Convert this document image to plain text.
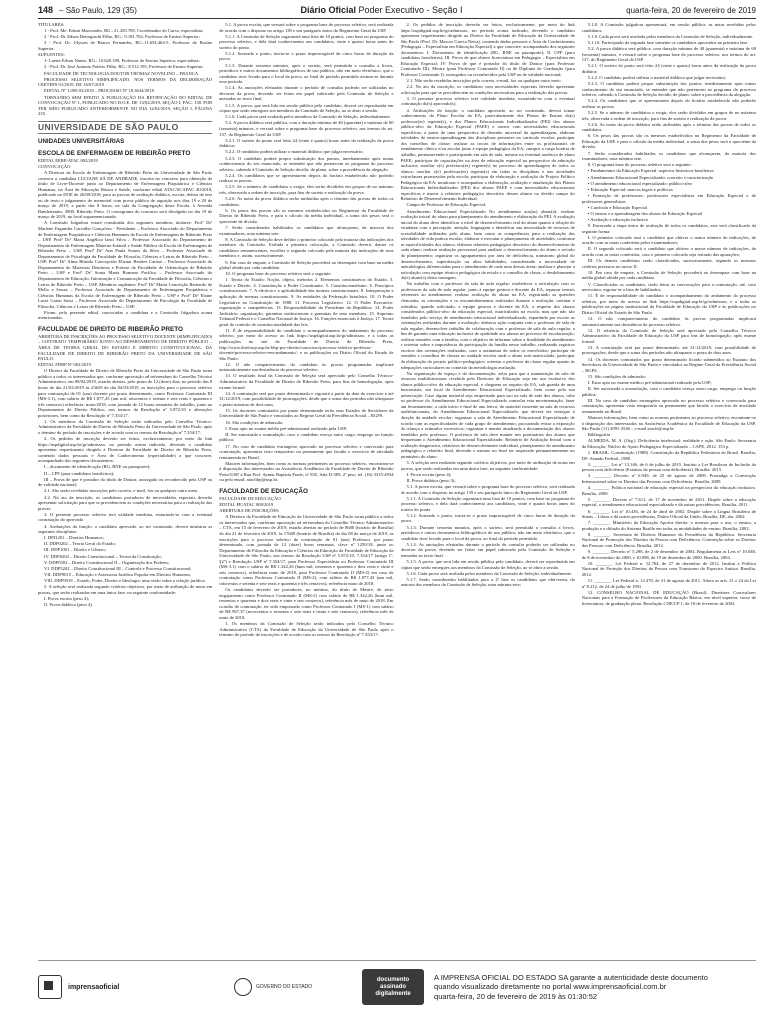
148 – São Paulo, 129 (35)	Diário Oficial Poder Executivo - Seção I	quarta-feira, 20 de fevereiro de 2019

TITULARES:

1 - Prof. Me. Edson Marcondes, RG.: 21.450.769, Coordenador do Curso, especialista;

2 - Prof. Dr. Edson Detregiachi Filho, RG.: 9.181.702, Professor de Ensino Superior;

3 - Prof. Dr. Ulysses de Barros Fernandes, RG.:11.654.464-5, Professor de Ensino Superior.

SUPLENTES:

1- Laerte Edson Nunes, RG.: 10.620.189, Professor de Ensino Superior, especialista;

2 - Prof. Dr. José Antonio Poletto Filho, RG.: 8.512.195, Professor de Ensino Superior.

FACULDADE DE TECNOLOGIA DOUTOR THOMAZ NOVELINO – FRANCA

PROCESSO SELETIVO SIMPLIFICADO, NOS TERMOS DA DELIBERAÇÃO CEETEPS 01/2019, DE 16/07/2019

EDITAL Nº 1.099.03/2018 – PROCESSO Nº 18.3634/2018

TORNANDO SEM EFEITO A PUBLICAÇÃO DA RETIFICAÇÃO DO EDITAL DE CONVOCAÇÃO Nº 1, PUBLICADO NO D.O.E. DE 13/02/2019, SEÇÃO I, PÁG. 138. POR TER SIDO PUBLICADO ANTERIORMENTE NO DIA 12/02/2019, SEÇÃO I, PÁGINA 235.

UNIVERSIDADE DE SÃO PAULO
UNIDADES UNIVERSITÁRIAS
ESCOLA DE ENFERMAGEM DE RIBEIRÃO PRETO

EDITAL EERP/ATAC 002/2019

CONVOCAÇÃO

A Diretora da Escola de Enfermagem de Ribeirão Preto da Universidade de São Paulo convoca a candidata LUCIANE SÁ DE ANDRADE, inscrita no concurso para obtenção do título de Livre-Docente junto ao Departamento de Enfermagem Psiquiátrica e Ciências Humanas, na Área de Educação Básica e Saúde, conforme edital ATAC/SCAPAC 40/2018, publicado no DOE de 26/09/2018, para as provas de avaliação didática, escrita, defesa de tese ou de texto e julgamento do memorial com prova pública de arguição nos dias 19 e 20 de março de 2019, a partir das 8 horas, na sala da Congregação desta Escola, à Avenida Bandeirantes, 3900, Ribeirão Preto. O cronograma do concurso será divulgado no dia 19 de março de 2019, no local supramencionado.

A Comissão Julgadora estará constituída dos seguintes membros titulares: Profª Drª Marlene Fagundes Carvalho Gonçalves - Presidente – Professor Associado do Departamento de Enfermagem Psiquiátrica e Ciências Humanas da Escola de Enfermagem de Ribeirão Preto – USP, Profª Drª Maria Angélica Ianci Silva – Professor Associado do Departamento de Departamento de Enfermagem Materno-Infantil e Saúde Pública da Escola de Enfermagem de Ribeirão Preto – USP, Profª Drª Ana Paula Soares da Silva – Professor Associado do Departamento de Psicologia da Faculdade de Filosofia, Ciências e Letras de Ribeirão Preto – USP, Profª Drª Alma Blásida Concepción Elizaur Benitez Catirse – Professor Associado do Departamento de Materiais Dentários e Prótese da Faculdade de Odontologia de Ribeirão Preto – USP e Profª Drª Sonia Maria Romano Pacífico – Professor Associado do Departamento de Educação, Informação e Comunicação da Faculdade de Filosofia, Ciências e Letras de Ribeirão Preto – USP. Membros suplentes: Profª Drª Maria Conceição Bernardo de Mello e Souza – Professor Associado do Departamento de Enfermagem Psiquiátrica e Ciências Humanas da Escola de Enfermagem de Ribeirão Preto – USP e Profª Drª Elaine Lucia Gaion Sassi – Professor Associado do Departamento de Psicologia da Faculdade de Filosofia, Ciências e Letras de Ribeirão Preto – USP.

Ficam, pelo presente edital, convocadas a candidata e a Comissão Julgadora acima mencionadas.

FACULDADE DE DIREITO DE RIBEIRÃO PRETO

ABERTURA DE INSCRIÇÕES AO PROCESSO SELETIVO DOCENTE (SIMPLIFICADO) – CONTRATO TEMPORÁRIO JUNTO AO DEPARTAMENTO DE DIREITO PÚBLICO – ÁREA DE TEORIA GERAL DO ESTADO E DIREITO CONSTITUCIONAL, DA FACULDADE DE DIREITO DE RIBEIRÃO PRETO DA UNIVERSIDADE DE SÃO PAULO.

EDITAL FDRP Nº 002/2019

O Diretor da Faculdade de Direito de Ribeirão Preto da Universidade de São Paulo torna público a todos os interessados que, conforme aprovação ad referendum do Conselho Técnico Administrativo, em 08/02/2019, estarão abertas, pelo prazo de 12 (doze) dias, no período das 8 horas do dia 21/02/2019 às 23h59 do dia 04/03/2019, as inscrições para o processo seletivo para contratação de 01 (um) docente por prazo determinado, como Professor Contratado III (MS-3.1), com salário de R$ 1.877,43 (um mil, oitocentos e setenta e sete reais e quarenta e três centavos) referência: maio/2018, com jornada de 12 horas semanais de trabalho, junto ao Departamento de Direito Público, nos termos da Resolução nº 5.872/10 e alterações posteriores, bem como da Resolução nº 7.354/17.

1. Os membros da Comissão de Seleção serão indicados pelo Conselho Técnico-Administrativo da Faculdade de Direito de Ribeirão Preto da Universidade de São Paulo, após o término do período de inscrições e de acordo com os termos da Resolução nº 7.354/17.

2. Os pedidos de inscrição deverão ser feitos, exclusivamente, por meio do link https://uspdigital.usp.br/gr/admissao, no período acima indicado, devendo o candidato apresentar requerimento dirigido à Diretora da Faculdade de Direito de Ribeirão Preto, contendo dados pessoais e Área de Conhecimento (especialidade) a que concorre, acompanhado dos seguintes documentos:

I – documento de identificação (RG, RNE ou passaporte);

II – CPF (para candidatos brasileiros);

III – Prova de que é portador do título de Doutor, outorgado ou reconhecido pela USP ou de validade nacional;

2.1. São serão recebidas inscrições pelo correio, e-mail, fax ou qualquer outro meio.

2.2. No ato da inscrição, os candidatos portadores de necessidades especiais deverão apresentar solicitação para que se providenciem as condições necessárias para a realização das provas.

3. O presente processo seletivo terá validade imediata, exaurindo-se com a eventual contratação do aprovado.

4. Atribuições da função: o candidato aprovado, ao ser contratado, deverá ministrar as seguintes disciplinas:

I. DPI1201 – Direitos Humanos;

II. DDP0202 – Teoria Geral do Estado;

III. DDP1001 – Direito e Gênero;

IV. DDP0202 – Direito Constitucional – Teoria da Constituição;

V. DDP0302 – Direito Constitucional II – Organização dos Poderes;

VI. DDP5202 – Direito Constitucional III – Controle e Processo Constitucional;

VII. DDP9015 – Educação e Assessoria Jurídica Popular em Direitos Humanos;

VIII. DDP9019 – Estado, Poder, Direito e Ideologia: uma visão sobre a relação jurídica.

5. A seleção será realizada segundo critérios objetivos, por meio de atribuição de notas em provas, que serão realizadas em uma única fase, na seguinte conformidade:

I. Prova escrita (peso 4);

II. Prova didática (peso 4).

5.1. A prova escrita, que versará sobre o programa base do processo seletivo, será realizada de acordo com o disposto no artigo 139 e seu parágrafo único do Regimento Geral da USP.

5.1.1. A Comissão de Seleção organizará uma lista de 10 pontos, com base no programa do processo seletivo, e dela dará conhecimento aos candidatos, vinte e quatro horas antes do sorteio do ponto.

5.1.2. Sorteado o ponto, inicia-se o prazo improrrogável de cinco horas de duração da prova.

5.1.3. Durante sessenta minutos, após o sorteio, será permitida a consulta a livros, periódicos e outros documentos bibliográficos de uso público, não em meio eletrônico, que o candidato tiver levado para o local da prova, ao final do período permitido assinar-se durante esse período.

5.1.4. As anotações efetuadas durante o período de consulta poderão ser utilizadas no decorrer da prova, devendo ser feitas em papel rubricado pela Comissão de Seleção e anexadas ao texto final.

5.1.5. A prova, que será lida em sessão pública pelo candidato, deverá ser reproduzida em cópias que serão entregues aos membros da Comissão de Seleção, ao se abrir a sessão.

5.1.6. Cada prova será avaliada pelos membros da Comissão de Seleção, individualmente.

5.2. A prova didática será pública, com a duração mínima de 40 (quarenta) e máxima de 60 (sessenta) minutos, e versará sobre o programa base do processo seletivo, nos termos do art. 137, do Regimento Geral da USP.

5.2.1. O sorteio do ponto será feito 24 (vinte e quatro) horas antes da realização da prova didática;

5.2.2. O candidato poderá utilizar o material didático que julgar necessário;

5.2.3. O candidato poderá propor substituição dos pontos, imediatamente após tomar conhecimento do seu enunciado, se entender que não pertencem ao programa do processo seletivo, cabendo à Comissão de Seleção decidir, de plano, sobre a procedência da alegação.

5.2.4. Os candidatos que se apresentarem depois do horário estabelecido não poderão realizar as provas.

5.2.5. Se o número de candidatos o exigir, eles serão divididos em grupos de no máximo três, observada a ordem de inscrição, para fins de sorteio e realização da prova.

5.2.6. As notas da prova didática serão atribuídas após o término das provas de todos os candidatos.

6. Os pesos das provas são os mesmos estabelecidos no Regimento da Faculdade de Direito de Ribeirão Preto, e para o cálculo da média individual, a soma dos pesos será o quociente da divisão.

7. Serão considerados habilitados os candidatos que alcançarem, da maioria dos examinadores, nota mínima sete.

8. A Comissão de Seleção deve definir o primeiro colocado pela maioria das indicações dos membros da Comissão. Exibida a primeira colocação, a Comissão deverá, dentre os candidatos remanescentes, escolher o segundo colocado pela maioria das indicações de seus membros e, assim, sucessivamente.

9. Em caso de empate, a Comissão de Seleção procederá ao desempate com base na média global obtida por cada candidato.

10. O programa base do processo seletivo será o seguinte:

1. Teoria do Estado: Noção, objeto, métodos 2. Elementos constitutivos do Estado. 3. Estado e Direito. 4. Constituição e Poder Constituinte. 5. Constitucionalismo. 6. Princípios constitucionais. 7. A eficácia e a aplicabilidade das normas constitucionais. 8. Interpretação e aplicação de normas constitucionais. 9. As entidades da Federação brasileira. 10. O Poder Legislativo na Constituição de 1988. 11. Processo Legislativo. 12. O Poder Executivo: organização e competências. 13. Responsabilidade do Presidente da República. 14. Poder Judiciário: organização, garantias institucionais e garantias de seus membros. 15. Supremo Tribunal Federal e o Conselho Nacional de Justiça. 16. Funções essenciais à Justiça. 17. Teoria geral do controle de constitucionalidade das leis.

11. É de responsabilidade do candidato o acompanhamento do andamento do processo seletivo, por meio do acesso ao link https://uspdigital.usp.br/gr/admissao, e a todas as publicações no site da Faculdade de Direito de Ribeirão Preto, http://www.direitorp.usp.br/fdrp-por-direito/concursos/processo-seletivo-professor-docente/processo-seletivo-em-andamento/, e as publicações no Diário Oficial do Estado de São Paulo.

12. O não comparecimento do candidato às provas programadas implicará automaticamente sua desistência do processo seletivo.

13. O resultado final da Comissão de Seleção será apreciado pelo Conselho Técnico-Administrativo da Faculdade de Direito de Ribeirão Preto, para fins de homologação, após exame formal.

14. A contratação será por prazo determinado e vigorará a partir da data do exercício e até 31/12/2019, com possibilidade de prorrogações, desde que a soma dos períodos não ultrapasse o prazo máximo de dois anos.

15. Os docentes contratados por prazo determinado terão seus Estados de Servidores da Universidade de São Paulo e vinculados ao Regime Geral da Previdência Social – RGPS.

16. São condições de admissão:

I. Estar apto no exame médio pré-admissional realizado pela USP;

II. Ser autorizada a acumulação, caso o candidato exerça outro cargo, emprego ou função pública;

17. No caso de candidato estrangeiro aprovado no processo seletivo e convocado para contratação, apresentar visto temporário ou permanente que faculte o exercício de atividade remunerada no Brasil.

Maiores informações, bem como as normas pertinentes ao processo seletivo, encontram-se à disposição dos interessados na Assistência Acadêmica da Faculdade de Direito de Ribeirão Preto/USP, à Rua Prof. Aymar Baptista Prado, nº 835, Sala D-309, 2º piso, tel. (16) 3315-4934 ou pelo email: atacfdrp@usp.br.

FACULDADE DE EDUCAÇÃO

FACULDADE DE EDUCAÇÃO

EDITAL FE/ATAC 008/2019

ABERTURA DE INSCRIÇÕES

A Diretora da Faculdade de Educação da Universidade de São Paulo torna pública a todos os interessados que, conforme aprovação ad referendum do Conselho Técnico Administrativo – CTA, em 15 de fevereiro de 2019, estarão abertas no período de 8h00 (horário de Brasília) do dia 21 de fevereiro de 2019, às 17h00 (horário de Brasília) do dia 08 de março de 2019, as inscrições para o processo seletivo de contratação de 01 (um) Professor, por prazo determinado, com jornada de 12 (doze) horas semanais, clave nº 1250/18, junto ao Departamento de Filosofia da Educação e Ciências da Educação da Faculdade de Educação da Universidade de São Paulo, nos termos da Resolução USP nº 5.872/10, 7.354/17 (artigo 1º, §2º) e Resolução USP nº 7.354/17, para Professor Especialista ou Professor Contratado III (MS-3.1) com o salário de R$ 1.342,26 (hum mil, trezentos e quarenta e dois reais e vinte e seis centavos), referência maio de 2018, para Professor Contratado II (MS-2) em caso de contratação como Professor Contratado II (MS-2), com salário de R$ 1.877,43 (um mil, oitocentos e setenta e sete reais e quarenta e três centavos), referência maio de 2018.

Os candidatos deverão ser portadores, no mínimo, do título de Mestre, de sério engajamento como Professor Contratado II (MS-2) com salário de R$ 1.342,26 (hum mil, trezentos e quarenta e dois reais e vinte e seis centavos), referência mês de maio de 2018. Em ocasião de contratação, ter sido empossado como Professor Contratado I (MS-1) com salário de R$ 967,37 (novecentos e sessenta e sete reais e trinta e sete centavos), referência mês de maio de 2018.

1. Os membros da Comissão de Seleção serão indicados pelo Conselho Técnico Administrativo (CTA) da Faculdade de Educação da Universidade de São Paulo após o término do período de inscrições e de acordo com os termos da Resolução nº 7.354/17.

2. Os pedidos de inscrição deverão ser feitos, exclusivamente, por meio do link https://uspdigital.usp.br/gr/admissao, no período acima indicado, devendo o candidato apresentar requerimento dirigido ao Diretor da Faculdade de Educação da Universidade de São Paulo (Prof. Dr. Marcos Garcia Neira), contendo dados pessoais e Área de Conhecimento (Pedagogia – Especialista em Educação Especial) a que concorre, acompanhado dos seguintes documentos: I. Documento de identificação (RG, RNE ou passaporte); II. CPF (para candidatos brasileiros); III. Prova de que obteve licenciatura em Pedagogia – Especialista em Educação Especial; IV. Prova de que é portador do título de Doutor (para Professor Contratado III), Mestre (para Professor Contratado II) ou de Diploma de Graduação (para Professor Contratado I), outorgados ou reconhecidos pela USP ou de validade nacional;

2.1. Não serão recebidas inscrições pelo correio, e-mail, fax ou qualquer outro meio.

2.2. No ato da inscrição, os candidatos com necessidades especiais deverão apresentar solicitação para que se providenciem as condições necessárias para a realização das provas.

3. O presente processo seletivo terá validade imediata, exaurindo-se com a eventual contratação do(s) aprovado(s).

4. Atribuições da função: o candidato aprovado, ao ser contratado, deverá tomar conhecimento do Plano Escolar da EA, particularmente dos Planos de Ensino do(s) professor(es) regente(s), e dos Planos Educacionais Individualizados (PEI) dos alunos público-alvo da Educação Especial (PAEE) e outros com necessidades educacionais específicas; a partir de uma perspectiva de desenho universal da aprendizagem, elaborar atividades de ensino-aprendizagem das disciplinas presentes no currículo escolar; participar dos conselhos de classe; realizar as trocas de informações entre os profissionais de atendimento clínico e/ou escolar junto à equipe pedagógica da EA; cumprir a carga horária de trabalho, permanecendo e participando em sala de aula, mesmo na eventual ausência de aluno PAEE; participar de capacitações na área de educação especial na perspectiva da educação inclusiva; auxiliar o(s) professor(es) regente(s) no processo de aprendizagem de todos os alunos; auxiliar o(s) professor(es) regente(s) em todas as disciplinas e nas atividades extraclasses promovidas pela escola; participar da elaboração e avaliação do Projeto Político Pedagógico da EA; monitorar e acompanhar a elaboração, avaliação e atualização dos Planos Educacionais Individualizados (PEI) dos alunos PAEE e com necessidades educacionais específicas e inserir o relatório pedagógico descritivo desses alunos no devido campo do Relatório de Desenvolvimento Individual.

Campo de Professor de Educação Especial:

Atendimento Educacional Especializado No atendimento aos(as) aluno(a): realizar avaliação inicial do aluno para planejamento do atendimento e elaboração do PEI. A avaliação inicial do aluno deve identificar o nível de desenvolvimento real do aluno quanto à relação do estudante com a percepção, atenção, linguagem e identificar sua necessidade de recursos de acessibilidade utilizados pelo aluno, bem como as competências para a realização das atividades de vida prática escolar; elaborar e executar o planejamento de atividades, conforme as especificidades dos alunos; elaborar relatório pedagógico descritivo do desenvolvimento de cada aluno; realizar avaliação processual para analisar o desenvolvimento do aluno e revisão do planejamento; organizar os agrupamentos por área de deficiência, transtorno global do desenvolvimento, superdotação ou altas habilidades, considerando a necessidade de metodologias diferenciadas para o atendimento de cada uma dessas áreas; analisar e planejar a articulação com equipe técnico pedagógica da escola e o conselho de classe, o desdobramento do(s) aluno(s) desta vantagem.

No trabalho com o professor da sala de aula regular: estabelecer a articulação com os professores da sala de aula regular, junto à equipe gestora e docente da EA, repassar termos referentes ao atendimento; realizar avaliação do aluno na EA, registrando as questões elencadas, as orientações e os encaminhamentos realizados durante a avaliação; orientar e subsidiar, quando solicitado, a equipe gestora e docente da EA, a respeito dos alunos considerados público-alvo da educação especial, matriculados na escola, mas que não são atendidos pelo serviço de atendimento educacional individualizado, espartindo por escrito as orientações realizadas durante a avaliação; elaborar ação conjunta com o professor de sala de aula regular; desenvolver trabalho de colaboração com o professor de sala de aula regular, a fim de garantir uma educação inclusiva de qualidade aos alunos no processo de escolarização; realizar reuniões com a família, com o objetivo de informar sobre a finalidade do atendimento e orientar sobre a importância da participação da família nesse trabalho, realizando registros escritos das orientações realizadas, com a assinatura de todos os envolvidos; participar de reuniões e conselhos de classes no unidade escolar onde o aluno está matriculado, participar da elaboração do projeto político-pedagógico; orientar o professor da classe regular quanto às adequações curriculares no contexto da metodologia avaliação.

Na organização do espaço e da documentação: zelar para que a manutenção da sala de recursos multifuncionais recebida pela Diretoria de Educação seja em uso exclusivo dos alunos público-alvo da educação especial, e cheguem ao arquivo da EA, sob guarda de uma funcionária, em local do Atendimento Educacional Especializado, bem como pela sua preservação. Caso algum material seja emprestado para uso na sala de aula dos alunos, cabe ao professor do Atendimento Educacional Especializado controlar esta movimentação, fazer um levantamento, a cada início e final de ano letivo, do material existente na sala de recursos multifuncionais, do Atendimento Educacional Especializado, que deverá ser entregue à direção da unidade escolar; organizar a sala de Atendimento Educacional Especializado de acordo com as especificidades de cada grupo de atendimento, procurando evitar a exposição da criança a estímulos excessivos; organizar e manter atualizada a documentação dos alunos atendidos pelo professor. O professor de sala deve manter nos prontuários dos alunos que frequentam o Atendimento Educacional Especializado: Relatório de Avaliação Inicial com a avaliação diagnóstica, relatórios de desenvolvimento individual, planejamento do atendimento pedagógico e relatório final, devendo o mesmo no final ser arquivado permanentemente no prontuário do aluno.

5. A seleção será realizada segundo critérios objetivos, por meio de atribuição de notas em provas, que serão realizadas em uma única fase, na seguinte conformidade:

I. Prova escrita (peso 4);

II. Prova didática (peso 3);

5.1. A prova escrita, que versará sobre o programa base do processo seletivo, será realizada de acordo com o disposto no artigo 139 e seu parágrafo único do Regimento Geral da USP.

5.1.1. A Comissão de Seleção organizará uma lista de 10 pontos, com base no programa do processo seletivo, e dela dará conhecimento aos candidatos, vinte e quatro horas antes do sorteio do ponto.

5.1.2. Sorteado o ponto, inicia-se o prazo improrrogável de cinco horas de duração da prova.

5.1.3. Durante sessenta minutos, após o sorteio, será permitida a consulta a livros, periódicos e outros documentos bibliográficos de uso público, não em meio eletrônico, que o candidato tiver levado para o local da prova, ao final do período permitido.

5.1.4. As anotações efetuadas durante o período de consulta poderão ser utilizadas no decorrer da prova, devendo ser feitas em papel rubricado pela Comissão de Seleção e anexadas ao texto final.

5.1.5. A prova, que será lida em sessão pública pelo candidato, deverá ser reproduzida em cópias que serão entregues aos membros da Comissão de Seleção, ao se abrir a sessão.

5.1.6. Cada prova será avaliada pelos membros da Comissão de Seleção, individualmente.

5.1.7. Serão considerados habilitados para a 2ª fase os candidatos que obtiverem, da maioria dos membros da Comissão de Seleção, nota mínima sete;

5.1.8. A Comissão julgadora apresentará, em sessão pública, as notas recebidas pelos candidatos.

5.1.9. Cada prova será avaliada pelos membros da Comissão de Seleção, individualmente.

5.1.10. Participarão da segunda fase somente os candidatos aprovados na primeira fase.

5.2. A prova didática será pública, com duração mínima de 40 (quarenta) e máxima de 60 (sessenta) minutos, e versará sobre o programa base do processo seletivo, nos termos do art. 137, do Regimento Geral da USP.

5.2.1. O sorteio do ponto será feito 24 (vinte e quatro) horas antes da realização da prova didática;

5.2.2. O candidato poderá utilizar o material didático que julgar necessário;

5.2.3. O candidato poderá propor substituição dos pontos, imediatamente após tomar conhecimento do seu enunciado, se entender que não pertencem ao programa do processo seletivo, cabendo à Comissão de Seleção decidir, de plano, sobre a procedência da alegação.

5.2.4. Os candidatos que se apresentarem depois do horário estabelecido não poderão realizar as provas.

5.2.5. Se o número de candidatos o exigir, eles serão divididos em grupos de no máximo três, observada a ordem de inscrição, para fins de sorteio e realização da prova.

5.2.6. As notas da prova didática serão atribuídas após o término das provas de todos os candidatos.

6. Os pesos das provas são os mesmos estabelecidos no Regimento da Faculdade de Educação da USP, e para o cálculo da média individual, a soma dos pesos será o quociente da divisão.

7. Serão considerados habilitados os candidatos que alcançarem, da maioria dos examinadores, nota mínima sete.

8. O programa base do processo seletivo será o seguinte:

• Fundamentos da Educação Especial: aspectos históricos brasileiros

• Atendimento Educacional Especializado: conceito e caracterização

• O atendimento educacional especializado: público-alvo

• Educação Especial: marcos legais e políticos

• Formação de professores: professores especialistas em Educação Especial e de professores generalistas

• Currículo e Educação Especial

• O ensino e a aprendizagem dos alunos da Educação Especial

• Avaliação e educação inclusiva

9. Encerrada a etapa única de avaliação de todos os candidatos, este será classificado da seguinte forma:

I. O primeiro colocado será o candidato que obtiver o maior número de indicações, de acordo com as notas conferidas pelos examinadores;

II. O segundo colocado será o candidato que obtiver o maior número de indicações, de acordo com as notas conferidas, caso o primeiro colocado seja retirado das apurações;

III. Os demais candidatos serão classificados, sucessivamente, segundo os mesmos critérios previstos no inciso II.

10. Em caso de empate, a Comissão de Seleção procederá ao desempate com base na média global obtida por cada candidato.

V. Classificados os candidatos, serão feitas as convocações para a contratação, até, caso necessário, esgotar-se a lista de habilitados.

11. É de responsabilidade do candidato o acompanhamento do andamento do processo seletivo, por meio do acesso ao link https://uspdigital.usp.br/gr/admissao, e a todas as publicações na página institucional da Faculdade de Educação da USP e às publicações no Diário Oficial do Estado de São Paulo.

12. O não comparecimento do candidato às provas programadas implicará automaticamente sua desistência do processo seletivo.

12. O relatório da Comissão de Seleção será apreciado pelo Conselho Técnico Administrativo da Faculdade de Educação da USP para fins de homologação, após exame formal.

13. A contratação será por prazo determinado, até 31/12/2019, com possibilidade de prorrogações, desde que a soma dos períodos não ultrapasse o prazo de dois anos.

14. Os docentes contratados por prazo determinado ficarão submetidos ao Estatuto dos Servidores da Universidade de São Paulo e vinculados ao Regime Geral da Previdência Social – RGPS.

15. São condições de admissão:

I. Estar apto no exame médico pré-admissional realizado pela USP;

II. Ser autorizada a acumulação, caso o candidato exerça outro cargo, emprego ou função pública;

III. No caso de candidato estrangeiro aprovado no processo seletivo e convocado para contratação, apresentar visto temporário ou permanente que faculte o exercício de atividade remunerada no Brasil.

Maiores informações, bem como as normas pertinentes ao processo seletivo, encontram-se à disposição dos interessados na Assistência Acadêmica da Faculdade de Educação da USP, São Paulo (11) 3091-3546 – e-mail atacfe@usp.br

Bibliografia

ALMEIDA, M. A. (Org.). Deficiência intelectual: realidade e ação. São Paulo: Secretaria da Educação; Núcleo de Apoio Pedagógico Especializado – CAPE, 2012. 153 p.

1. BRASIL. Constituição (1988). Constituição da República Federativa do Brasil. Brasília, DF: Senado Federal, 1988.

2. _______. Lei nº 13.146, de 6 de julho de 2015. Institui a Lei Brasileira de Inclusão da pessoa com deficiência (Estatuto da pessoa com deficiência). Brasília: 2015.

3. _______. Decreto nº 6.949, de 25 de agosto de 2009. Promulga a Convenção Internacional sobre os Direitos das Pessoas com Deficiência. Brasília, 2009.

4. _______. Política nacional de educação especial na perspectiva da educação inclusiva. Brasília, 2008.

5. _______. Decreto nº 7.611, de 17 de novembro de 2011. Dispõe sobre a educação especial, o atendimento educacional especializado e dá outras providências. Brasília, 2011.

6. _______. Lei nº 10.436, de 24 de abril de 2002. Dispõe sobre a Língua Brasileira de Sinais – Libras e dá outras providências. Diário Oficial da União, Brasília, DF, abr. 2002.

7. _______. Ministério da Educação Apoiva direito: o normas para o uso, o ensino, a produção e a difusão do Sistema Braille em todas as modalidades de ensino. Brasília, 2002.

8. _______. Secretaria de Direitos Humanos da Presidência da República. Secretaria Nacional de Promoção dos Direitos da Pessoa com Deficiência. Convenção sobre os Direitos das Pessoas com Deficiência. Brasília, 2012.

9. _______. Decreto nº 5.296, de 2 de dezembro de 2004. Regulamenta as Leis nº 10.048, de 8 de novembro de 2000, e 10.098, de 19 de dezembro de 2000. Brasília, 2004.

10. _______. Lei Federal n. 12.764, de 27 de dezembro de 2012. Institui a Política Nacional de Proteção dos Direitos da Pessoa com Transtorno do Espectro Autista. Brasília, 2012.

11. _______. Lei Federal n. 12.470, de 31 de agosto de 2011. Altera os arts. 21 e 24 da Lei nº 8.212, de 24 de julho de 1991.

12. CONSELHO NACIONAL DE EDUCAÇÃO (Brasil). Diretrizes Curriculares Nacionais para a Formação de Professores da Educação Básica, em nível superior, curso de licenciatura, de graduação plena. Resolução CNE/CP 1, de 18 de fevereiro de 2002.

imprensaoficial	GOVERNO DO ESTADO
documento
assinado
digitalmente
A IMPRENSA OFICIAL DO ESTADO SA garante a autenticidade deste documento
quando visualizado diretamente no portal www.imprensaoficial.com.br
quarta-feira, 20 de fevereiro de 2019 às 01:30:52
